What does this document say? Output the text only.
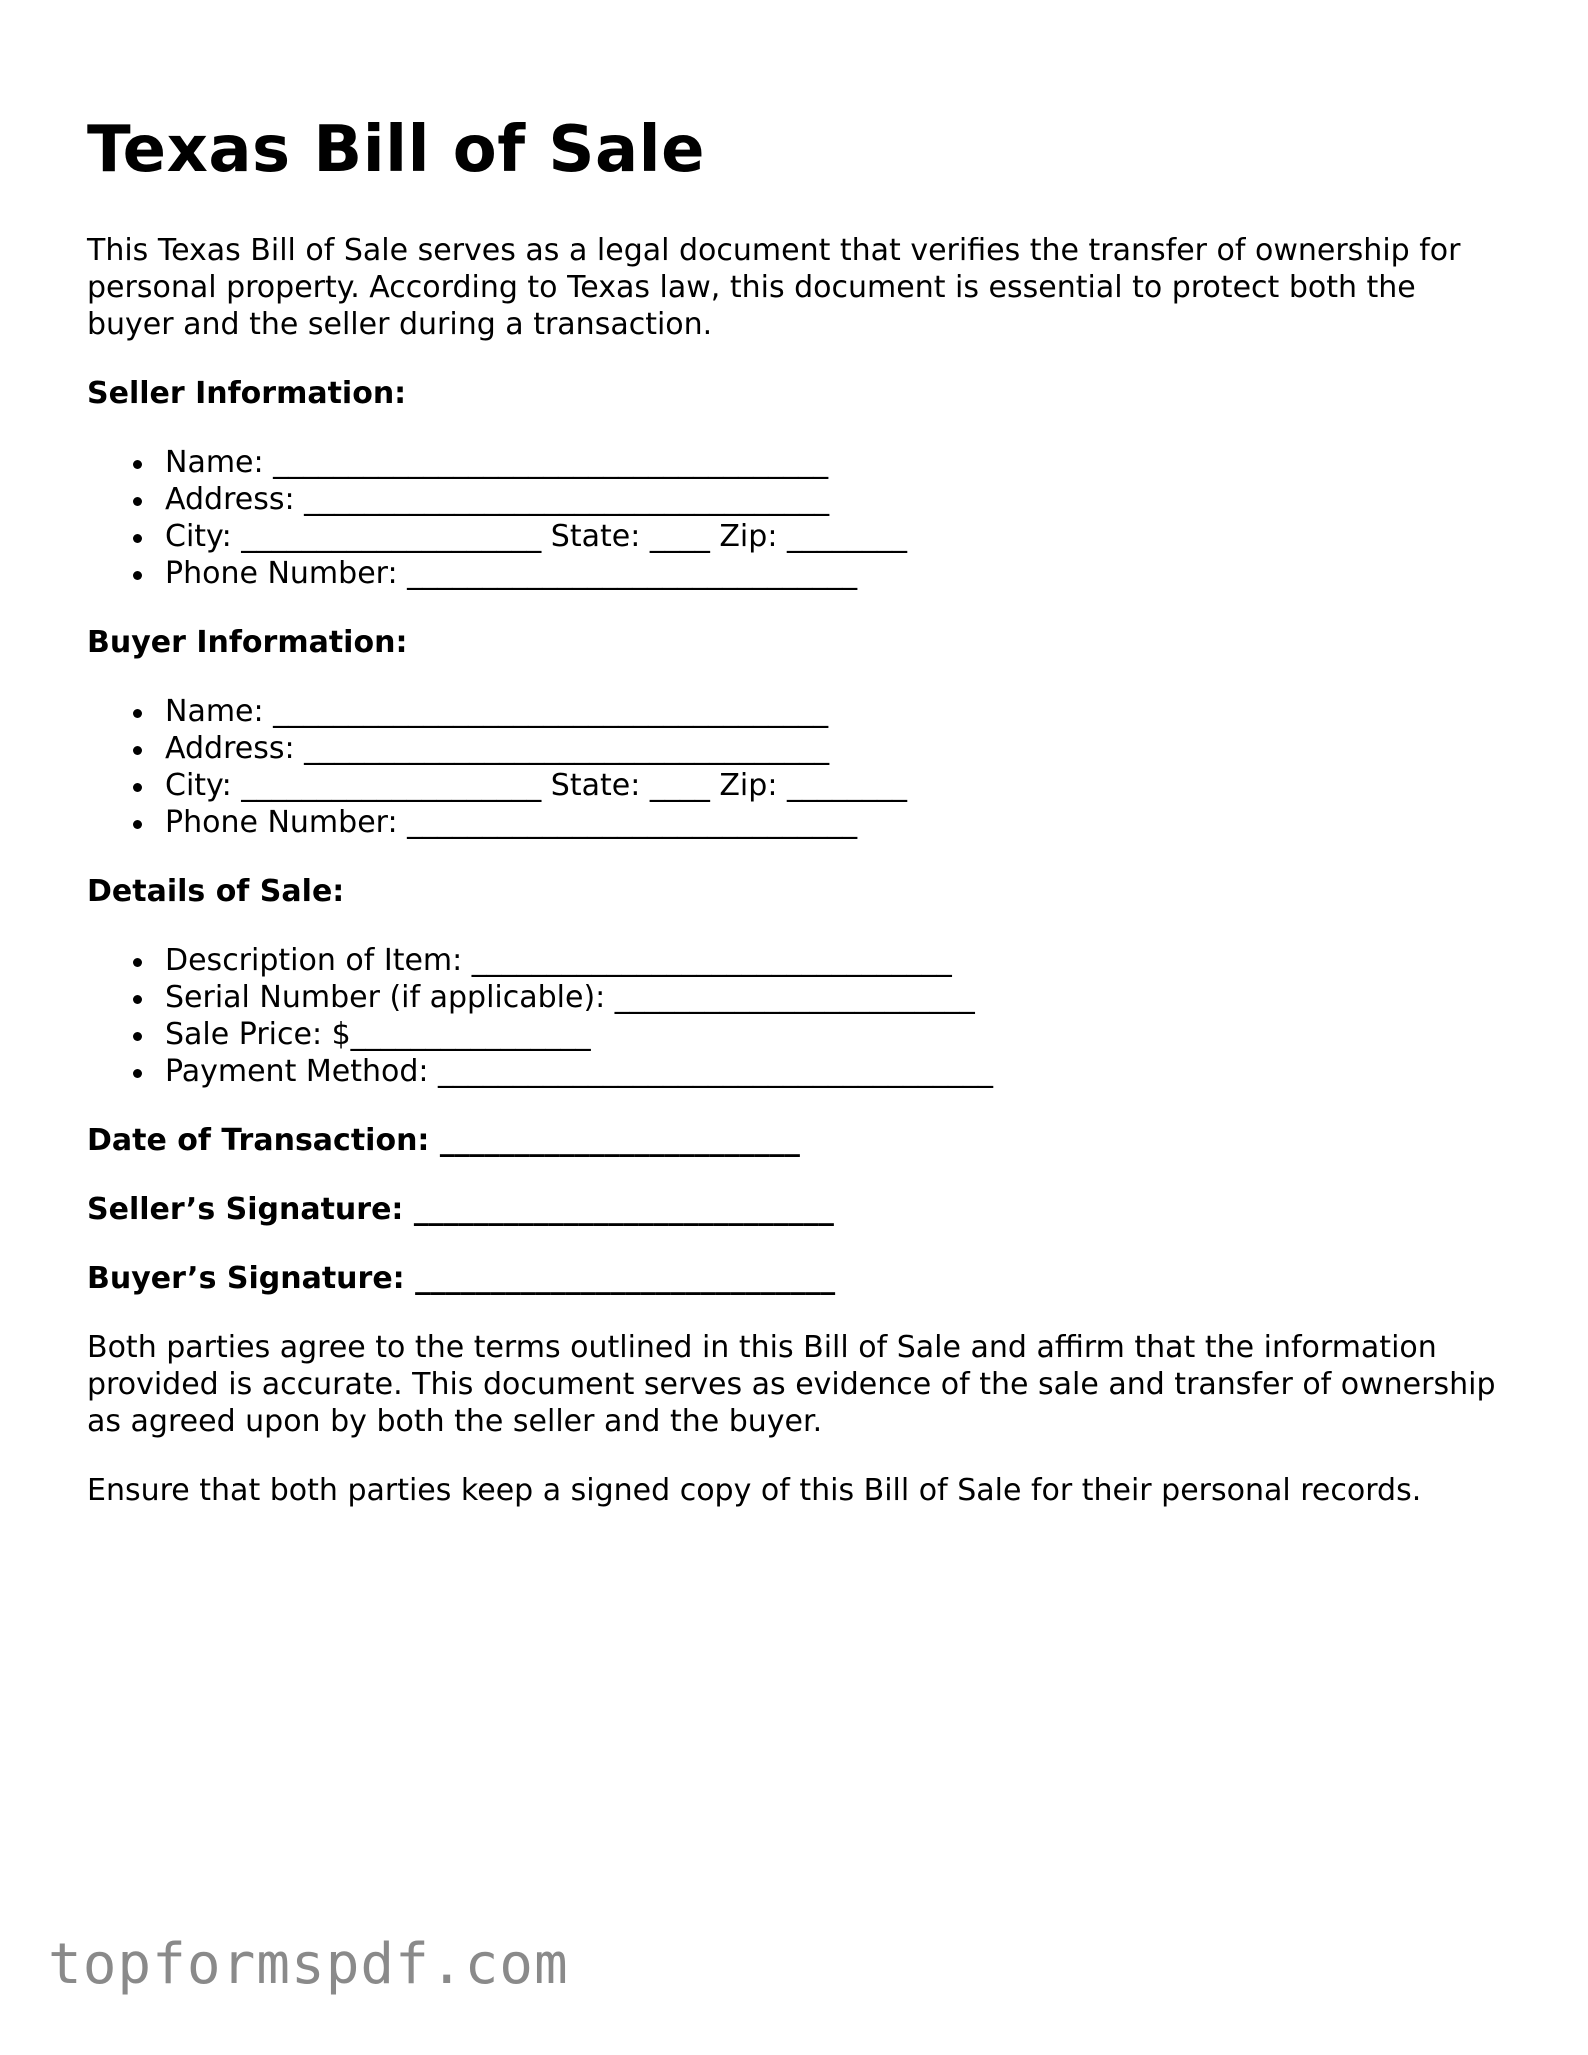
Texas Bill of Sale

This Texas Bill of Sale serves as a legal document that verifies the transfer of ownership for personal property. According to Texas law, this document is essential to protect both the buyer and the seller during a transaction.

Seller Information:
Name: _____________________________________
Address: ___________________________________
City: ____________________ State: ____ Zip: ________
Phone Number: ______________________________
Buyer Information:
Name: _____________________________________
Address: ___________________________________
City: ____________________ State: ____ Zip: ________
Phone Number: ______________________________
Details of Sale:
Description of Item: ________________________________
Serial Number (if applicable): ________________________
Sale Price: $________________
Payment Method: _____________________________________
Date of Transaction: ________________________
Seller’s Signature: ____________________________
Buyer’s Signature: ____________________________

Both parties agree to the terms outlined in this Bill of Sale and affirm that the information provided is accurate. This document serves as evidence of the sale and transfer of ownership as agreed upon by both the seller and the buyer.

Ensure that both parties keep a signed copy of this Bill of Sale for their personal records.

topformspdf.com
